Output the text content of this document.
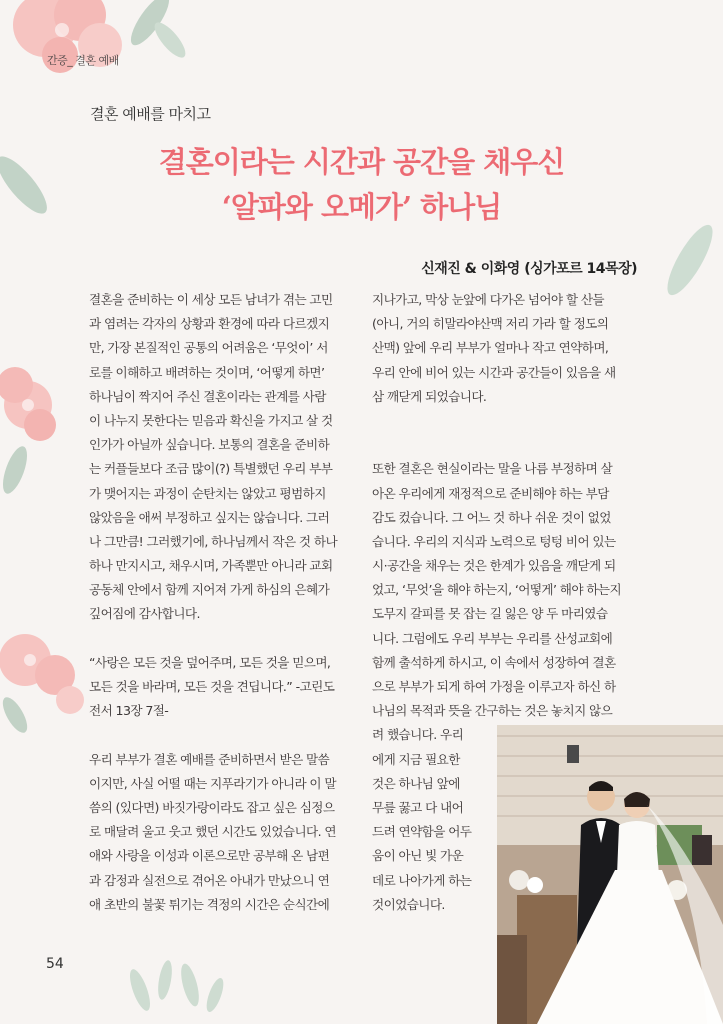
간증_ 결혼 예배
결혼 예배를 마치고
결혼이라는 시간과 공간을 채우신
‘알파와 오메가’ 하나님
신재진 & 이화영 (싱가포르 14목장)
결혼을 준비하는 이 세상 모든 남녀가 겪는 고민
과 염려는 각자의 상황과 환경에 따라 다르겠지
만, 가장 본질적인 공통의 어려움은 ‘무엇이’ 서
로를 이해하고 배려하는 것이며, ‘어떻게 하면’
하나님이 짝지어 주신 결혼이라는 관계를 사람
이 나누지 못한다는 믿음과 확신을 가지고 살 것
인가가 아닐까 싶습니다. 보통의 결혼을 준비하
는 커플들보다 조금 많이(?) 특별했던 우리 부부
가 맺어지는 과정이 순탄치는 않았고 평범하지
않았음을 애써 부정하고 싶지는 않습니다. 그러
나 그만큼! 그러했기에, 하나님께서 작은 것 하나
하나 만지시고, 채우시며, 가족뿐만 아니라 교회
공동체 안에서 함께 지어져 가게 하심의 은혜가
깊어짐에 감사합니다.
“사랑은 모든 것을 덮어주며, 모든 것을 믿으며,
모든 것을 바라며, 모든 것을 견딥니다.” -고린도
전서 13장 7절-
우리 부부가 결혼 예배를 준비하면서 받은 말씀
이지만, 사실 어떨 때는 지푸라기가 아니라 이 말
씀의 (있다면) 바짓가랑이라도 잡고 싶은 심정으
로 매달려 울고 웃고 했던 시간도 있었습니다. 연
애와 사랑을 이성과 이론으로만 공부해 온 남편
과 감정과 실전으로 겪어온 아내가 만났으니 연
애 초반의 불꽃 튀기는 격정의 시간은 순식간에
지나가고, 막상 눈앞에 다가온 넘어야 할 산들
(아니, 거의 히말라야산맥 저리 가라 할 정도의
산맥) 앞에 우리 부부가 얼마나 작고 연약하며,
우리 안에 비어 있는 시간과 공간들이 있음을 새
삼 깨닫게 되었습니다.
또한 결혼은 현실이라는 말을 나름 부정하며 살
아온 우리에게 재정적으로 준비해야 하는 부담
감도 컸습니다. 그 어느 것 하나 쉬운 것이 없었
습니다. 우리의 지식과 노력으로 텅텅 비어 있는
시·공간을 채우는 것은 한계가 있음을 깨닫게 되
었고, ‘무엇’을 해야 하는지, ‘어떻게’ 해야 하는지
도무지 갈피를 못 잡는 길 잃은 양 두 마리였습
니다. 그럼에도 우리 부부는 우리를 산성교회에
함께 출석하게 하시고, 이 속에서 성장하여 결혼
으로 부부가 되게 하여 가정을 이루고자 하신 하
나님의 목적과 뜻을 간구하는 것은 놓치지 않으
려 했습니다. 우리
에게 지금 필요한
것은 하나님 앞에
무릎 꿇고 다 내어
드려 연약함을 어두
움이 아닌 빛 가운
데로 나아가게 하는
것이었습니다.
54
